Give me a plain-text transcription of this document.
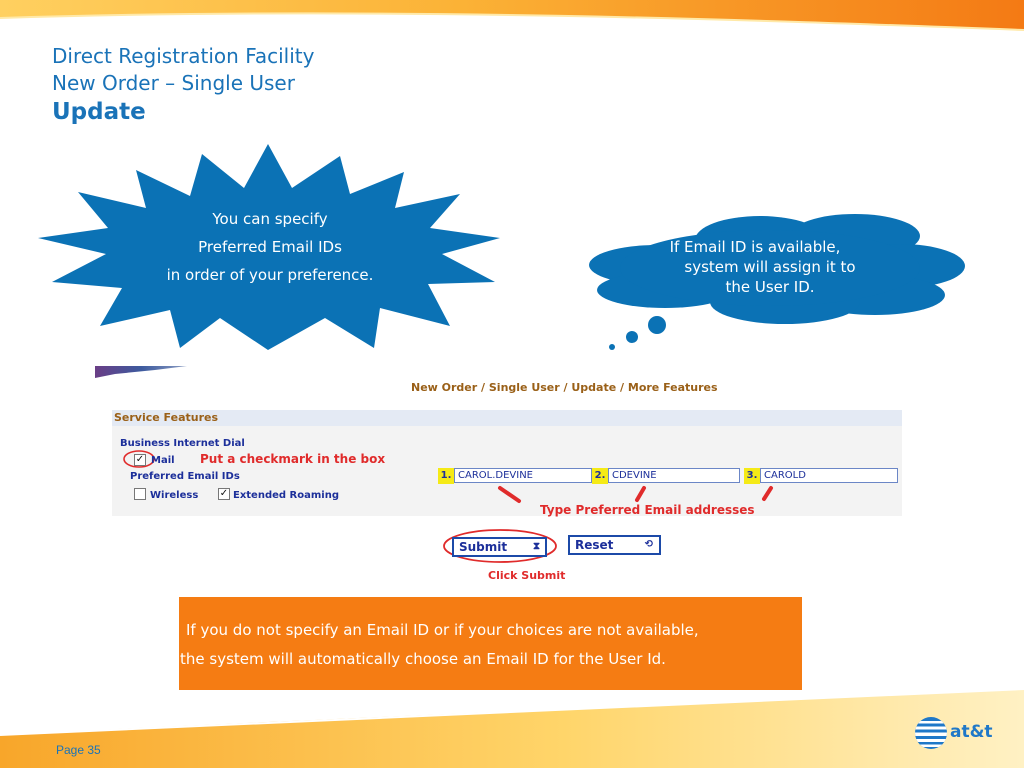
Direct Registration Facility
New Order – Single User
Update
You can specify
Preferred Email IDs
in order of your preference.
If Email ID is available,
system will assign it to
the User ID.
New Order / Single User / Update / More Features
Service Features
Business Internet Dial
✓ Mail Put a checkmark in the box
Preferred Email IDs
Wireless ✓ Extended Roaming
1. CAROL.DEVINE	2. CDEVINE	3. CAROLD
Type Preferred Email addresses
Submit	⧗	Reset	⟲
Click Submit
If you do not specify an Email ID or if your choices are not available,
the system will automatically choose an Email ID for the User Id.
Page 35
at&t
